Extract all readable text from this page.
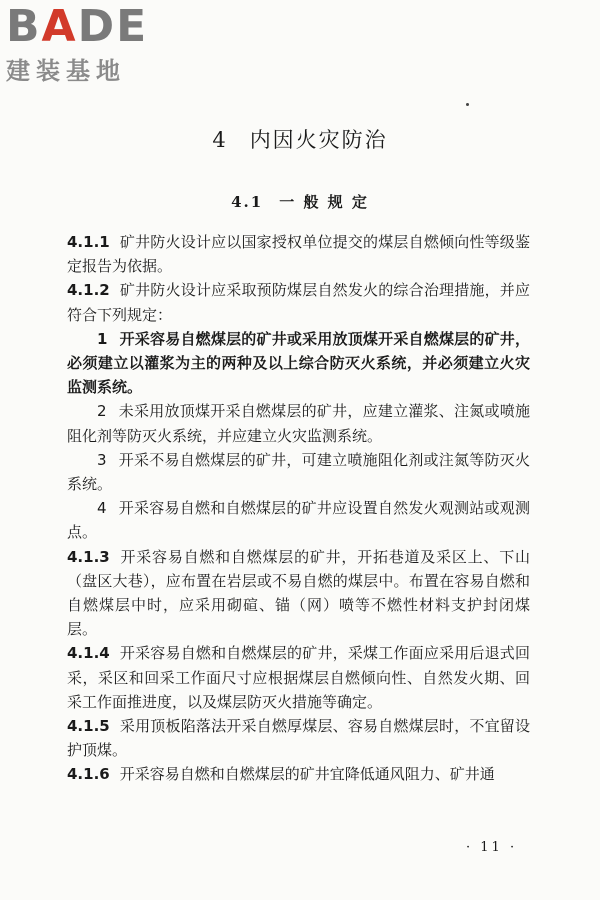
BADE
建装基地
4 内因火灾防治
4.1 一 般 规 定
4.1.1 矿井防火设计应以国家授权单位提交的煤层自燃倾向性等级鉴定报告为依据。
4.1.2 矿井防火设计应采取预防煤层自然发火的综合治理措施，并应符合下列规定：
1 开采容易自燃煤层的矿井或采用放顶煤开采自燃煤层的矿井，必须建立以灌浆为主的两种及以上综合防灭火系统，并必须建立火灾监测系统。
2 未采用放顶煤开采自燃煤层的矿井，应建立灌浆、注氮或喷施阻化剂等防灭火系统，并应建立火灾监测系统。
3 开采不易自燃煤层的矿井，可建立喷施阻化剂或注氮等防灭火系统。
4 开采容易自燃和自燃煤层的矿井应设置自然发火观测站或观测点。
4.1.3 开采容易自燃和自燃煤层的矿井，开拓巷道及采区上、下山（盘区大巷），应布置在岩层或不易自燃的煤层中。布置在容易自燃和自燃煤层中时，应采用砌碹、锚（网）喷等不燃性材料支护封闭煤层。
4.1.4 开采容易自燃和自燃煤层的矿井，采煤工作面应采用后退式回采，采区和回采工作面尺寸应根据煤层自燃倾向性、自然发火期、回采工作面推进度，以及煤层防灭火措施等确定。
4.1.5 采用顶板陷落法开采自燃厚煤层、容易自燃煤层时，不宜留设护顶煤。
4.1.6 开采容易自燃和自燃煤层的矿井宜降低通风阻力、矿井通
· 11 ·
